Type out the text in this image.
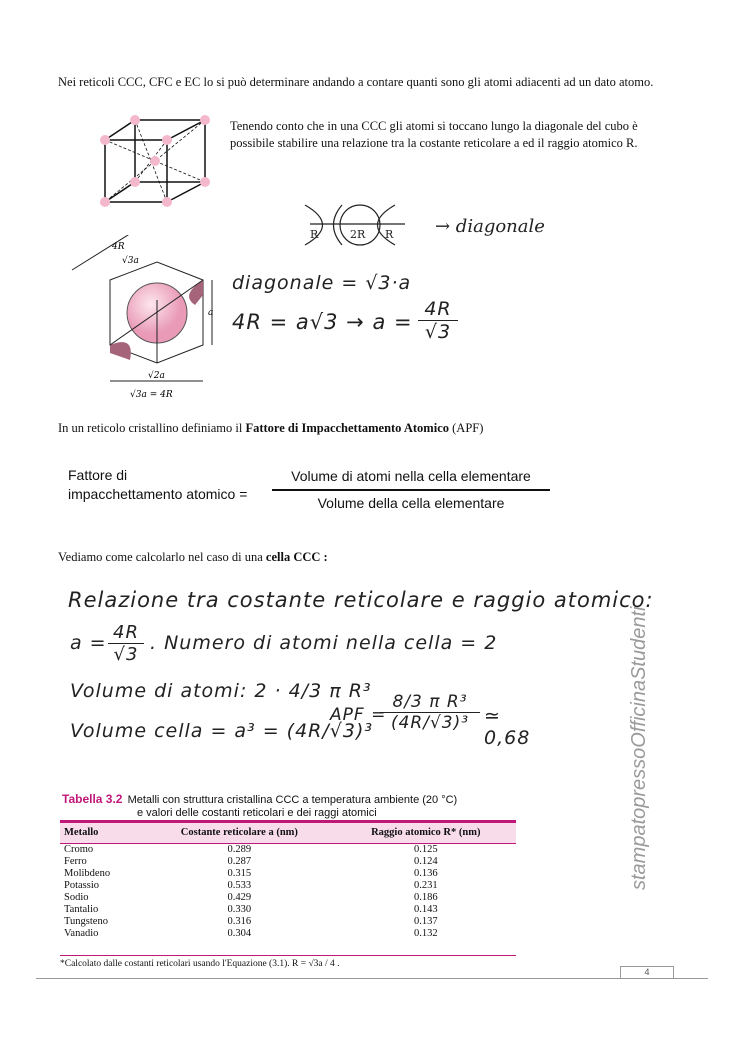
Nei reticoli CCC, CFC e EC lo si può determinare andando a contare quanti sono gli atomi adiacenti ad un dato atomo.
Tenendo conto che in una CCC gli atomi si toccano lungo la diagonale del cubo è possibile stabilire una relazione tra la costante reticolare a ed il raggio atomico R.
R	2R R → diagonale
4R
√3a
a
√2a
√3a = 4R
diagonale = √3·a
$4R = a√3 \to a = \frac{4R}{√3}$
In un reticolo cristallino definiamo il Fattore di Impacchettamento Atomico (APF)
Fattore di
impacchettamento atomico =
Volume di atomi nella cella elementare
Volume della cella elementare
Vediamo come calcolarlo nel caso di una cella CCC :
Relazione tra costante reticolare e raggio atomico:
$a = \frac{4R}{√3}$ . Numero di atomi nella cella = 2
Volume di atomi: 2 · 4/3 π R³
Volume cella = a³ = (4R/√3)³
APF =
$\frac{\text{8/3 π R³}}{\text{(4R/√3)³}}$ ≃ 0,68
Tabella 3.2 Metalli con struttura cristallina CCC a temperatura ambiente (20 °C)
e valori delle costanti reticolari e dei raggi atomici
Metallo	Costante reticolare a (nm)	Raggio atomico R* (nm)
Cromo	0.289	0.125
Ferro	0.287	0.124
Molibdeno	0.315	0.136
Potassio	0.533	0.231
Sodio	0.429	0.186
Tantalio	0.330	0.143
Tungsteno	0.316	0.137
Vanadio	0.304	0.132
*Calcolato dalle costanti reticolari usando l'Equazione (3.1). R = √3a / 4 .
stampatopressoOfficinaStudenti
4
